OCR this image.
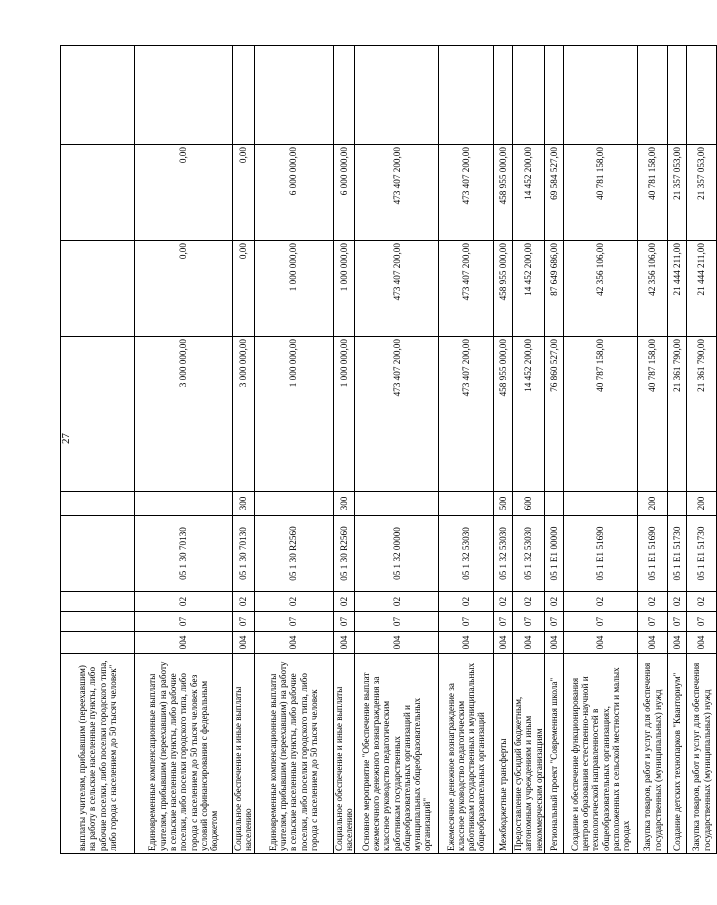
27
выплаты учителям, прибывшим (переехавшим) на работу в сельские населенные пункты, либо рабочие поселки, либо поселки городского типа, либо города с населением до 50 тысяч человек"									
Единовременные компенсационные выплаты учителям, прибывшим (переехавшим) на работу в сельские населенные пункты, либо рабочие поселки, либо поселки городского типа, либо города с населением до 50 тысяч человек без условий софинансирования с федеральным бюджетом	004	07	02	05 1 30 70130		3 000 000,00	0,00	0,00	
Социальное обеспечение и иные выплаты населению	004	07	02	05 1 30 70130	300	3 000 000,00	0,00	0,00	
Единовременные компенсационные выплаты учителям, прибывшим (переехавшим) на работу в сельские населенные пункты, либо рабочие поселки, либо поселки городского типа, либо города с населением до 50 тысяч человек	004	07	02	05 1 30 R2560		1 000 000,00	1 000 000,00	6 000 000,00	
Социальное обеспечение и иные выплаты населению	004	07	02	05 1 30 R2560	300	1 000 000,00	1 000 000,00	6 000 000,00	
Основное мероприятие "Обеспечение выплат ежемесячного денежного вознаграждения за классное руководство педагогическим работникам государственных общеобразовательных организаций и муниципальных общеобразовательных организаций"	004	07	02	05 1 32 00000		473 407 200,00	473 407 200,00	473 407 200,00	
Ежемесячное денежное вознаграждение за классное руководство педагогическим работникам государственных и муниципальных общеобразовательных организаций	004	07	02	05 1 32 53030		473 407 200,00	473 407 200,00	473 407 200,00	
Межбюджетные трансферты	004	07	02	05 1 32 53030	500	458 955 000,00	458 955 000,00	458 955 000,00	
Предоставление субсидий бюджетным, автономным учреждениям и иным некоммерческим организациям	004	07	02	05 1 32 53030	600	14 452 200,00	14 452 200,00	14 452 200,00	
Региональный проект "Современная школа"	004	07	02	05 1 E1 00000		76 860 527,00	87 649 686,00	69 584 527,00	
Создание и обеспечение функционирования центров образования естественно-научной и технологической направленностей в общеобразовательных организациях, расположенных в сельской местности и малых городах	004	07	02	05 1 E1 51690		40 787 158,00	42 356 106,00	40 781 158,00	
Закупка товаров, работ и услуг для обеспечения государственных (муниципальных) нужд	004	07	02	05 1 E1 51690	200	40 787 158,00	42 356 106,00	40 781 158,00	
Создание детских технопарков "Кванториум"	004	07	02	05 1 E1 51730		21 361 790,00	21 444 211,00	21 357 053,00	
Закупка товаров, работ и услуг для обеспечения государственных (муниципальных) нужд	004	07	02	05 1 E1 51730	200	21 361 790,00	21 444 211,00	21 357 053,00	
